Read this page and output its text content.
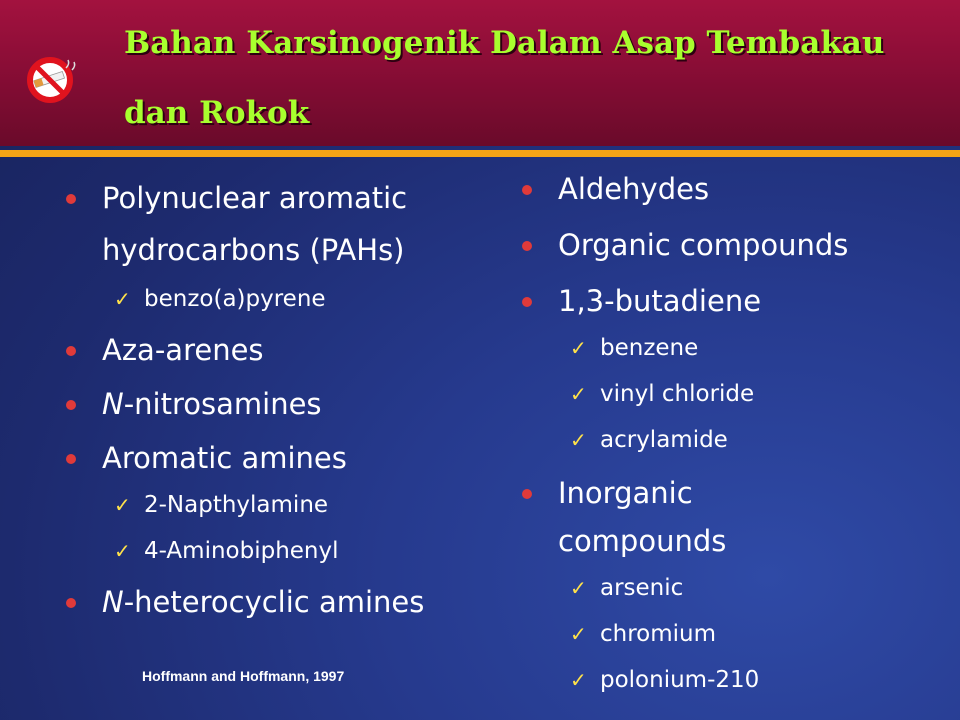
Bahan Karsinogenik Dalam Asap Tembakau dan Rokok
Polynuclear aromatic hydrocarbons (PAHs)
✓ benzo(a)pyrene
Aza-arenes
N-nitrosamines
Aromatic amines
✓ 2-Napthylamine
✓ 4-Aminobiphenyl
N-heterocyclic amines
Aldehydes
Organic compounds
1,3-butadiene
✓ benzene
✓ vinyl chloride
✓ acrylamide
Inorganic compounds
✓ arsenic
✓ chromium
✓ polonium-210
Hoffmann and Hoffmann, 1997
